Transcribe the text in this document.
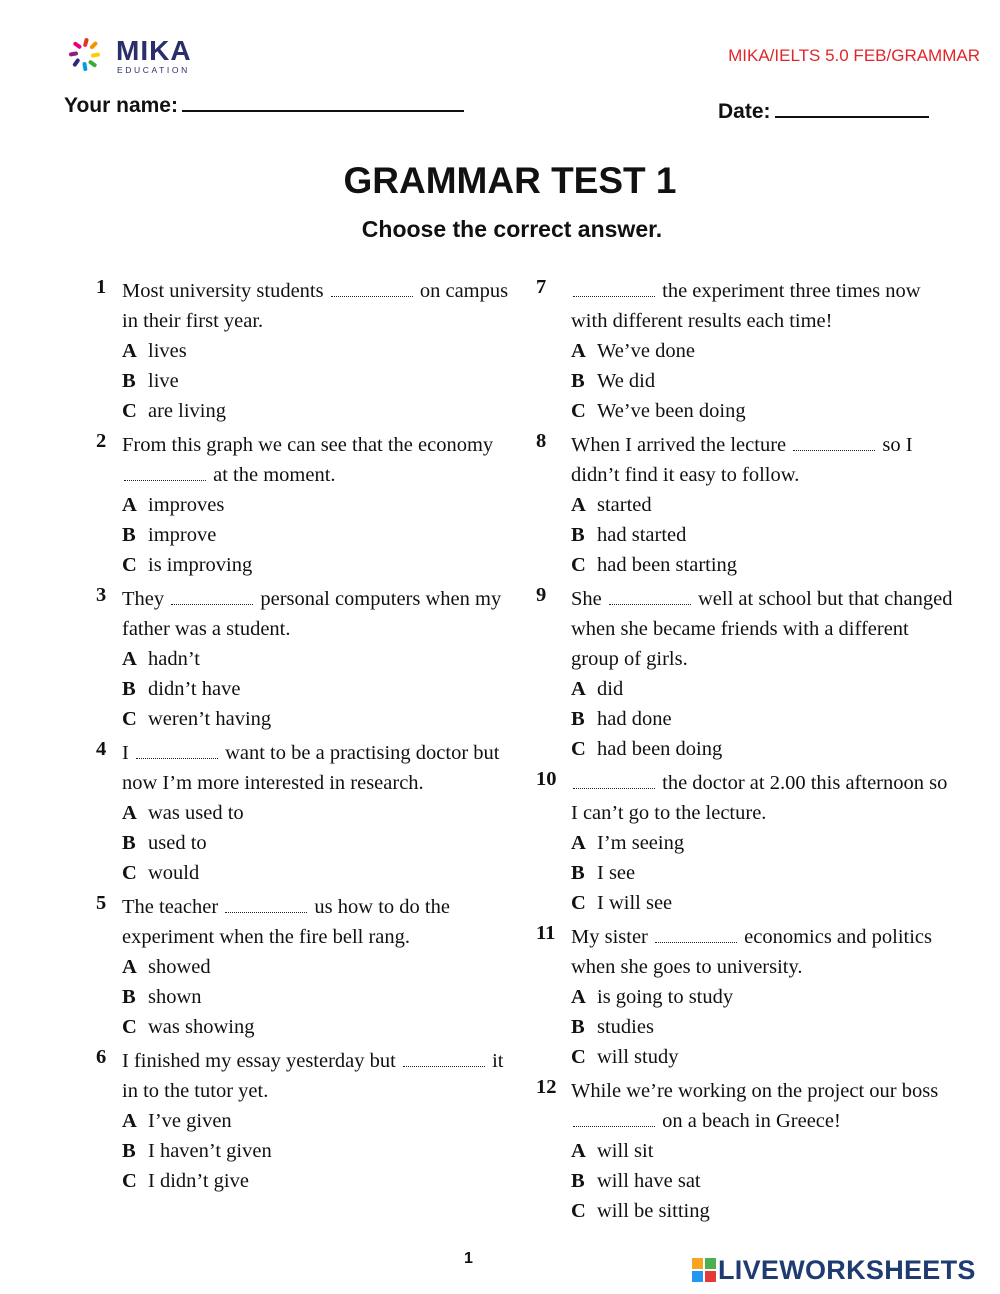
MIKA
EDUCATION
MIKA/IELTS 5.0 FEB/GRAMMAR
Your name:	Date:
GRAMMAR TEST 1
Choose the correct answer.
1 Most university students	on campus in their first year.
A lives
B live
C are living
2 From this graph we can see that the economy  at the moment.
A improves
B improve
C is improving
3 They	personal computers when my father was a student.
A hadn’t
B didn’t have
C weren’t having
4 I	want to be a practising doctor but now I’m more interested in research.
A was used to
B used to
C would
5 The teacher	us how to do the experiment when the fire bell rang.
A showed
B shown
C was showing
6 I finished my essay yesterday but	it in to the tutor yet.
A I’ve given
B I haven’t given
C I didn’t give
7	the experiment three times now with different results each time!
A We’ve done
B We did
C We’ve been doing
8 When I arrived the lecture	so I didn’t find it easy to follow.
A started
B had started
C had been starting
9 She	well at school but that changed when she became friends with a different group of girls.
A did
B had done
C had been doing
10	the doctor at 2.00 this afternoon so I can’t go to the lecture.
A I’m seeing
B I see
C I will see
11 My sister	economics and politics when she goes to university.
A is going to study
B studies
C will study
12 While we’re working on the project our boss  on a beach in Greece!
A will sit
B will have sat
C will be sitting
1	LIVEWORKSHEETS
